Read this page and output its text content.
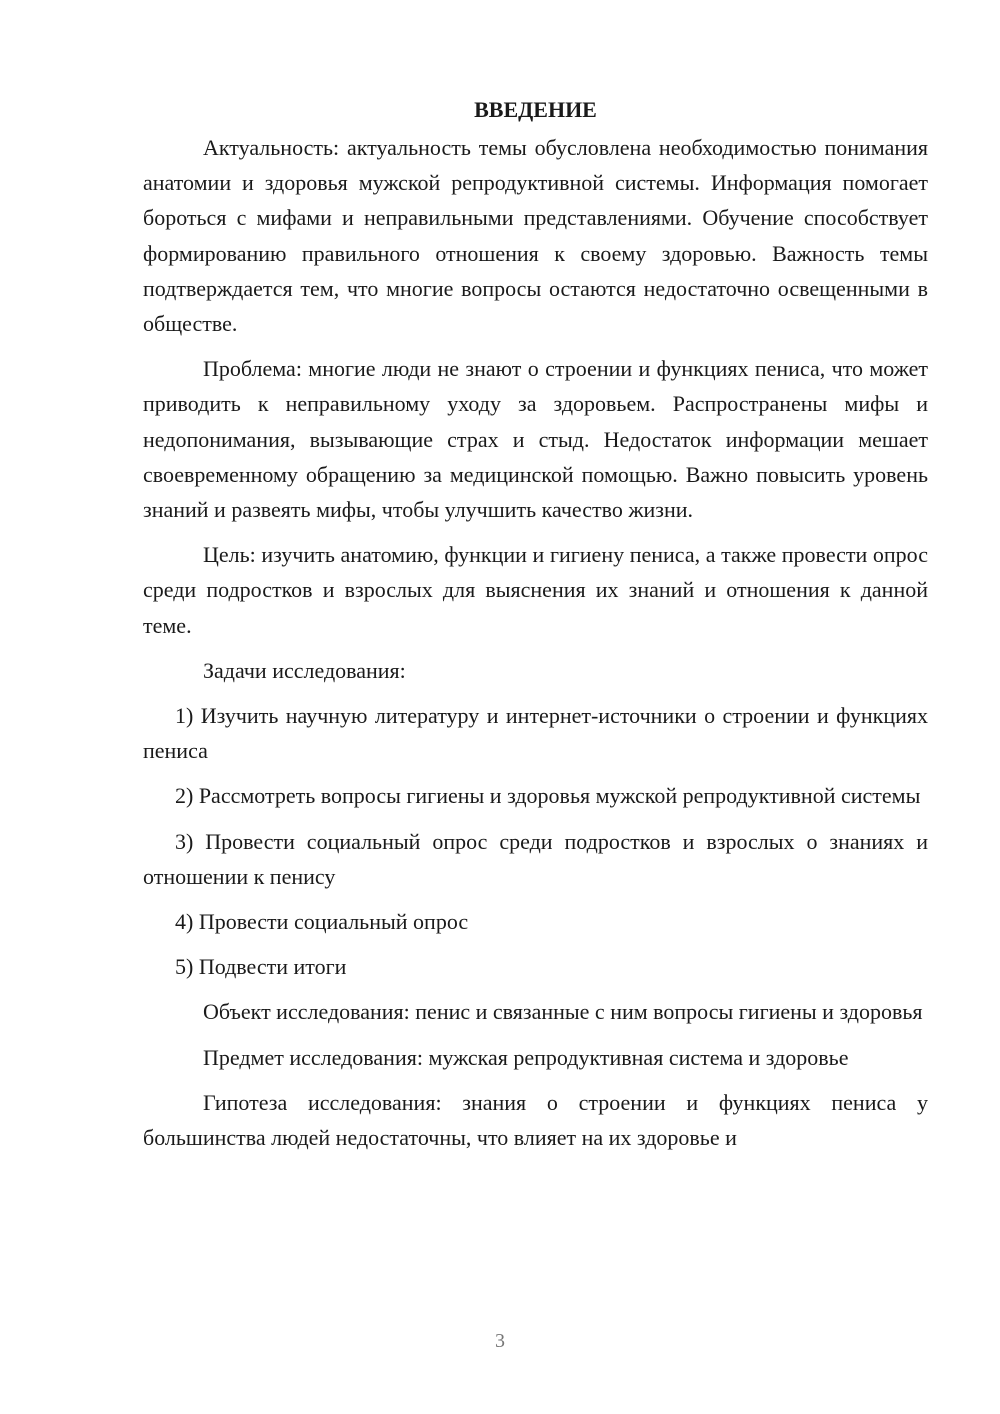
ВВЕДЕНИЕ

Актуальность: актуальность темы обусловлена необходимостью понимания анатомии и здоровья мужской репродуктивной системы. Информация помогает бороться с мифами и неправильными представлениями. Обучение способствует формированию правильного отношения к своему здоровью. Важность темы подтверждается тем, что многие вопросы остаются недостаточно освещенными в обществе.

Проблема: многие люди не знают о строении и функциях пениса, что может приводить к неправильному уходу за здоровьем. Распространены мифы и недопонимания, вызывающие страх и стыд. Недостаток информации мешает своевременному обращению за медицинской помощью. Важно повысить уровень знаний и развеять мифы, чтобы улучшить качество жизни.

Цель: изучить анатомию, функции и гигиену пениса, а также провести опрос среди подростков и взрослых для выяснения их знаний и отношения к данной теме.

Задачи исследования:

1) Изучить научную литературу и интернет-источники о строении и функциях пениса

2) Рассмотреть вопросы гигиены и здоровья мужской репродуктивной системы

3) Провести социальный опрос среди подростков и взрослых о знаниях и отношении к пенису

4) Провести социальный опрос

5) Подвести итоги

Объект исследования: пенис и связанные с ним вопросы гигиены и здоровья

Предмет исследования: мужская репродуктивная система и здоровье

Гипотеза исследования: знания о строении и функциях пениса у большинства людей недостаточны, что влияет на их здоровье и

3
